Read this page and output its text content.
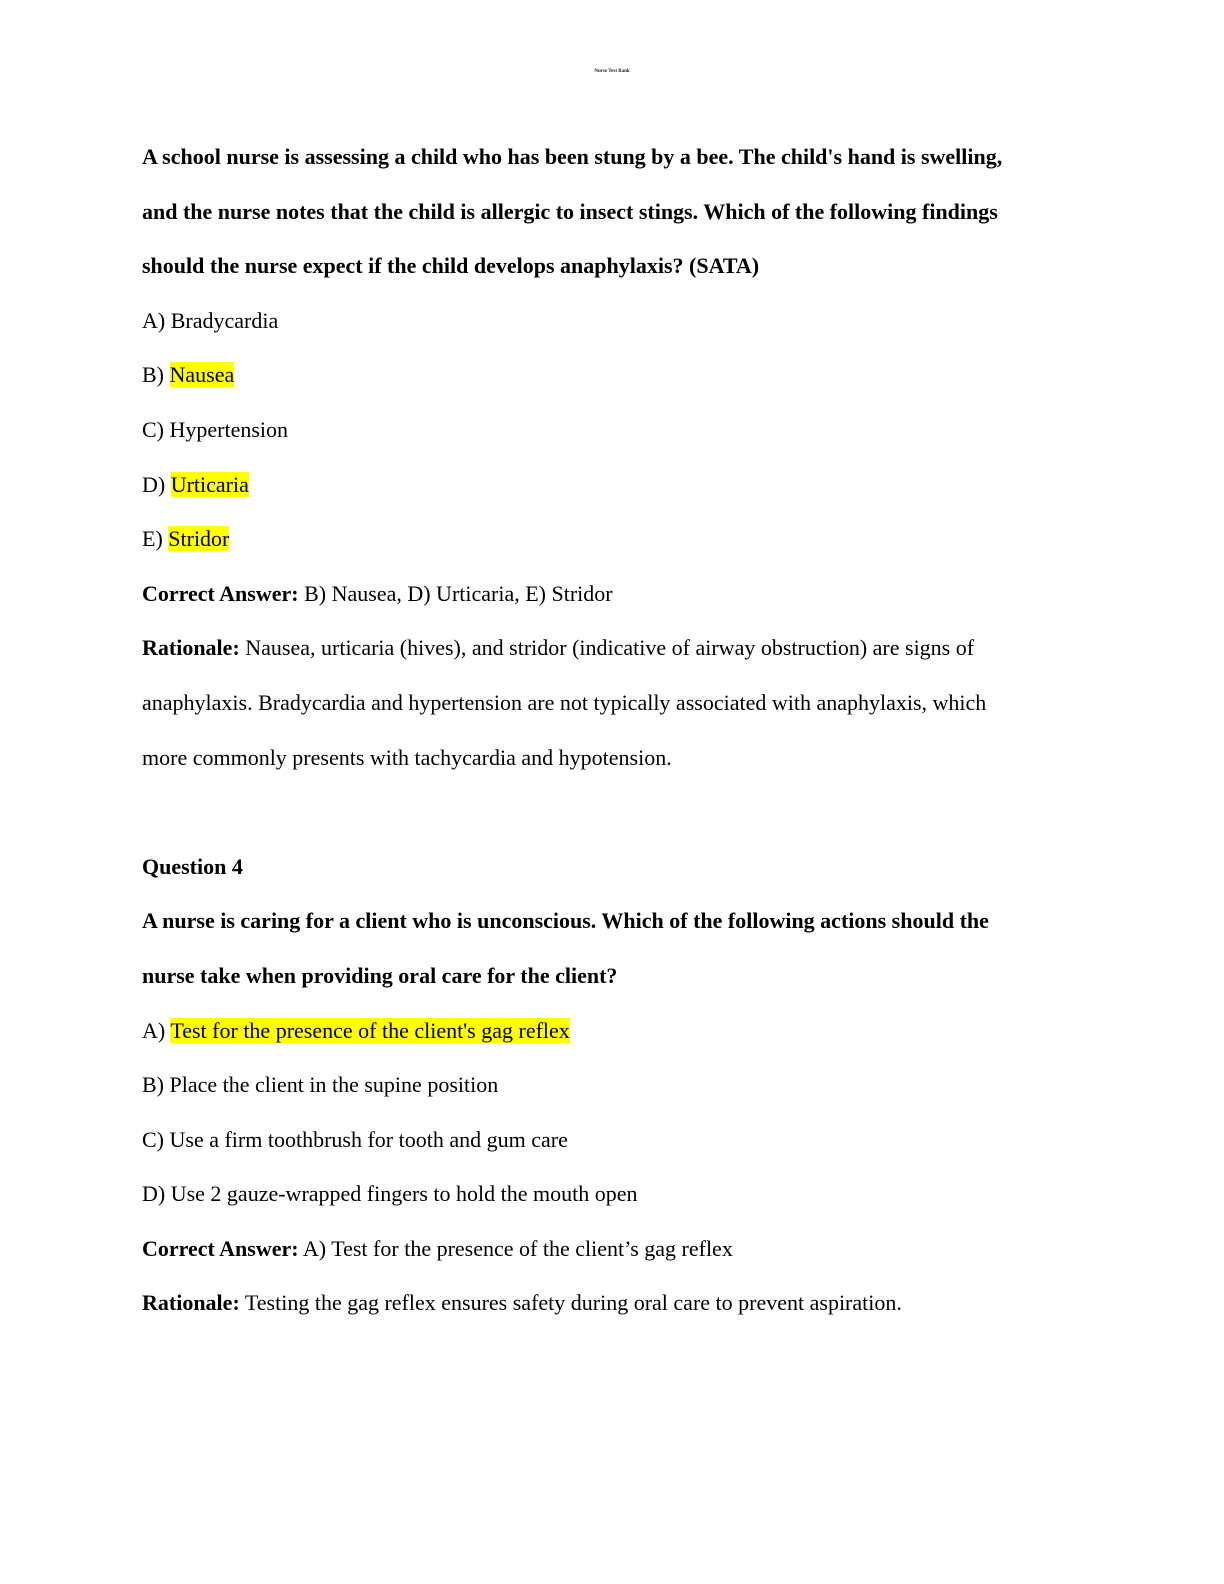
Nurse Test Bank
A school nurse is assessing a child who has been stung by a bee. The child's hand is swelling,
and the nurse notes that the child is allergic to insect stings. Which of the following findings
should the nurse expect if the child develops anaphylaxis? (SATA)
A) Bradycardia
B) Nausea
C) Hypertension
D) Urticaria
E) Stridor
Correct Answer: B) Nausea, D) Urticaria, E) Stridor
Rationale: Nausea, urticaria (hives), and stridor (indicative of airway obstruction) are signs of
anaphylaxis. Bradycardia and hypertension are not typically associated with anaphylaxis, which
more commonly presents with tachycardia and hypotension.
Question 4
A nurse is caring for a client who is unconscious. Which of the following actions should the
nurse take when providing oral care for the client?
A) Test for the presence of the client's gag reflex
B) Place the client in the supine position
C) Use a firm toothbrush for tooth and gum care
D) Use 2 gauze-wrapped fingers to hold the mouth open
Correct Answer: A) Test for the presence of the client’s gag reflex
Rationale: Testing the gag reflex ensures safety during oral care to prevent aspiration.
